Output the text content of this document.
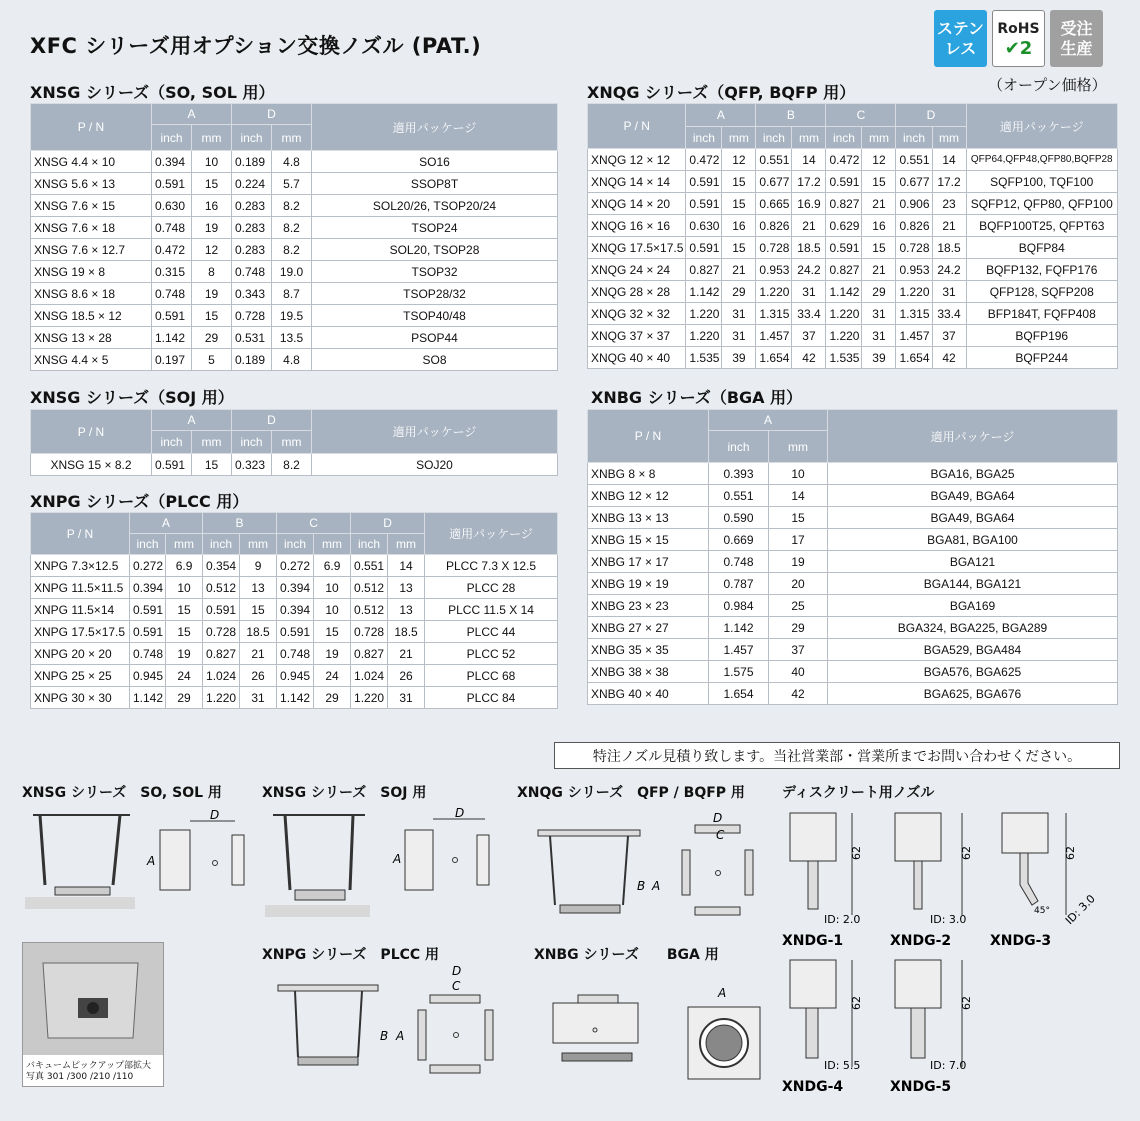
XFC シリーズ用オプション交換ノズル (PAT.)
ステン
レス
RoHS
✔2
受注
生産
（オープン価格）
XNSG シリーズ（SO, SOL 用）
P / N	A		D		適用パッケージ
	inch	mm	inch	mm	
XNSG 4.4 × 10	0.394	10	0.189	4.8	SO16
XNSG 5.6 × 13	0.591	15	0.224	5.7	SSOP8T
XNSG 7.6 × 15	0.630	16	0.283	8.2	SOL20/26, TSOP20/24
XNSG 7.6 × 18	0.748	19	0.283	8.2	TSOP24
XNSG 7.6 × 12.7	0.472	12	0.283	8.2	SOL20, TSOP28
XNSG 19 × 8	0.315	8	0.748	19.0	TSOP32
XNSG 8.6 × 18	0.748	19	0.343	8.7	TSOP28/32
XNSG 18.5 × 12	0.591	15	0.728	19.5	TSOP40/48
XNSG 13 × 28	1.142	29	0.531	13.5	PSOP44
XNSG 4.4 × 5	0.197	5	0.189	4.8	SO8
XNSG シリーズ（SOJ 用）
P / N	A		D		適用パッケージ
	inch	mm	inch	mm	
XNSG 15 × 8.2	0.591	15	0.323	8.2	SOJ20
XNPG シリーズ（PLCC 用）
P / N	A		B		C		D		適用パッケージ
	inch	mm	inch	mm	inch	mm	inch	mm	
XNPG 7.3×12.5	0.272	6.9	0.354	9	0.272	6.9	0.551	14	PLCC 7.3 X 12.5
XNPG 11.5×11.5	0.394	10	0.512	13	0.394	10	0.512	13	PLCC 28
XNPG 11.5×14	0.591	15	0.591	15	0.394	10	0.512	13	PLCC 11.5 X 14
XNPG 17.5×17.5	0.591	15	0.728	18.5	0.591	15	0.728	18.5	PLCC 44
XNPG 20 × 20	0.748	19	0.827	21	0.748	19	0.827	21	PLCC 52
XNPG 25 × 25	0.945	24	1.024	26	0.945	24	1.024	26	PLCC 68
XNPG 30 × 30	1.142	29	1.220	31	1.142	29	1.220	31	PLCC 84
XNQG シリーズ（QFP, BQFP 用）
P / N	A		B		C		D		適用パッケージ
	inch	mm	inch	mm	inch	mm	inch	mm	
XNQG 12 × 12	0.472	12	0.551	14	0.472	12	0.551	14	QFP64,QFP48,QFP80,BQFP28
XNQG 14 × 14	0.591	15	0.677	17.2	0.591	15	0.677	17.2	SQFP100, TQF100
XNQG 14 × 20	0.591	15	0.665	16.9	0.827	21	0.906	23	SQFP12, QFP80, QFP100
XNQG 16 × 16	0.630	16	0.826	21	0.629	16	0.826	21	BQFP100T25, QFPT63
XNQG 17.5×17.5	0.591	15	0.728	18.5	0.591	15	0.728	18.5	BQFP84
XNQG 24 × 24	0.827	21	0.953	24.2	0.827	21	0.953	24.2	BQFP132, FQFP176
XNQG 28 × 28	1.142	29	1.220	31	1.142	29	1.220	31	QFP128, SQFP208
XNQG 32 × 32	1.220	31	1.315	33.4	1.220	31	1.315	33.4	BFP184T, FQFP408
XNQG 37 × 37	1.220	31	1.457	37	1.220	31	1.457	37	BQFP196
XNQG 40 × 40	1.535	39	1.654	42	1.535	39	1.654	42	BQFP244
XNBG シリーズ（BGA 用）
P / N	A		適用パッケージ
	inch	mm	
XNBG 8 × 8	0.393	10	BGA16, BGA25
XNBG 12 × 12	0.551	14	BGA49, BGA64
XNBG 13 × 13	0.590	15	BGA49, BGA64
XNBG 15 × 15	0.669	17	BGA81, BGA100
XNBG 17 × 17	0.748	19	BGA121
XNBG 19 × 19	0.787	20	BGA144, BGA121
XNBG 23 × 23	0.984	25	BGA169
XNBG 27 × 27	1.142	29	BGA324, BGA225, BGA289
XNBG 35 × 35	1.457	37	BGA529, BGA484
XNBG 38 × 38	1.575	40	BGA576, BGA625
XNBG 40 × 40	1.654	42	BGA625, BGA676
特注ノズル見積り致します。当社営業部・営業所までお問い合わせください。
XNSG シリーズ　SO, SOL 用	XNSG シリーズ　SOJ 用	XNQG シリーズ　QFP / BQFP 用	ディスクリート用ノズル
XNPG シリーズ　PLCC 用	XNBG シリーズ　　BGA 用
D
A
D
A
D
C
B A
62
ID: 2.0
XNDG-1
62
ID: 3.0
XNDG-2
62
45° ID: 3.0
XNDG-3
62
ID: 5.5
XNDG-4
62
ID: 7.0
XNDG-5
D
C
B A
A
バキュームピックアップ部拡大
写真 301 /300 /210 /110
